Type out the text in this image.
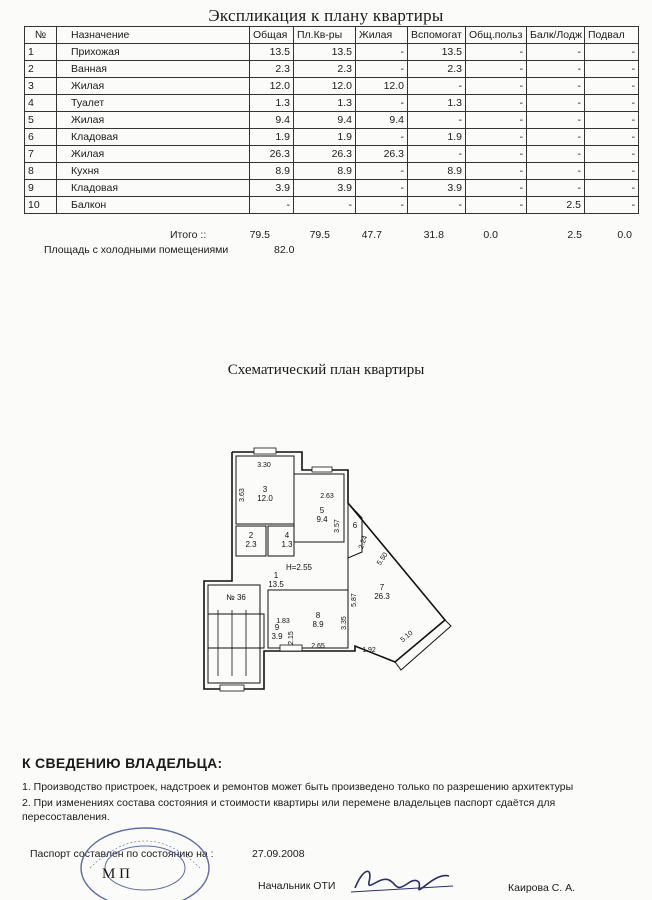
Экспликация к плану квартиры
№	Назначение	Общая	Пл.Кв-ры	Жилая	Вспомогат	Общ.польз	Балк/Лодж	Подвал
1	Прихожая	13.5	13.5	-	13.5	-	-	-
2	Ванная	2.3	2.3	-	2.3	-	-	-
3	Жилая	12.0	12.0	12.0	-	-	-	-
4	Туалет	1.3	1.3	-	1.3	-	-	-
5	Жилая	9.4	9.4	9.4	-	-	-	-
6	Кладовая	1.9	1.9	-	1.9	-	-	-
7	Жилая	26.3	26.3	26.3	-	-	-	-
8	Кухня	8.9	8.9	-	8.9	-	-	-
9	Кладовая	3.9	3.9	-	3.9	-	-	-
10	Балкон	-	-	-	-	-	2.5	-
Итого ::	79.5	79.5	47.7	31.8	0.0	2.5	0.0
Площадь с холодными помещениями	82.0
Схематический план квартиры
3
12.0
5
9.4
6
2
2.3
4
1.3
1
13.5	7
26.3
8
8.9
9
3.9
№ 36
Н=2.55
3.30
3.63	2.63
3.57
2.24
5.50
5.87
5.10
3.35
1.83
2.15
2.65
1.92
К СВЕДЕНИЮ ВЛАДЕЛЬЦА:
1. Производство пристроек, надстроек и ремонтов может быть произведено только по разрешению архитектуры
2. При изменениях состава состояния и стоимости квартиры или перемене владельцев паспорт сдаётся для
пересоставления.
Паспорт составлен по состоянию на :	27.09.2008
М П
Начальник ОТИ	Каирова С. А.
